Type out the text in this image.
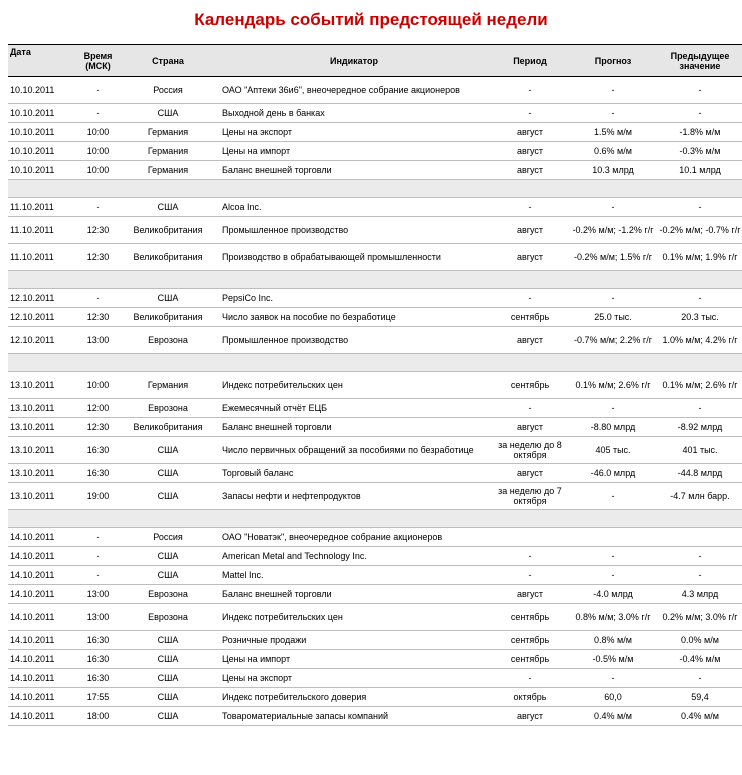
Календарь событий предстоящей недели
Дата	Время (МСК)	Страна	Индикатор	Период	Прогноз	Предыдущее значение
10.10.2011	-	Россия	ОАО "Аптеки 36и6", внеочередное собрание акционеров	-	-	-
10.10.2011	-	США	Выходной день в банках	-	-	-
10.10.2011	10:00	Германия	Цены на экспорт	август	1.5% м/м	-1.8% м/м
10.10.2011	10:00	Германия	Цены на импорт	август	0.6% м/м	-0.3% м/м
10.10.2011	10:00	Германия	Баланс внешней торговли	август	10.3 млрд	10.1 млрд

11.10.2011	-	США	Alcoa Inc.	-	-	-
11.10.2011	12:30	Великобритания	Промышленное производство	август	-0.2% м/м; -1.2% г/г	-0.2% м/м; -0.7% г/г
11.10.2011	12:30	Великобритания	Производство в обрабатывающей промышленности	август	-0.2% м/м; 1.5% г/г	0.1% м/м; 1.9% г/г

12.10.2011	-	США	PepsiCo Inc.	-	-	-
12.10.2011	12:30	Великобритания	Число заявок на пособие по безработице	сентябрь	25.0 тыс.	20.3 тыс.
12.10.2011	13:00	Еврозона	Промышленное производство	август	-0.7% м/м; 2.2% г/г	1.0% м/м; 4.2% г/г

13.10.2011	10:00	Германия	Индекс потребительских цен	сентябрь	0.1% м/м; 2.6% г/г	0.1% м/м; 2.6% г/г
13.10.2011	12:00	Еврозона	Ежемесячный отчёт ЕЦБ	-	-	-
13.10.2011	12:30	Великобритания	Баланс внешней торговли	август	-8.80 млрд	-8.92 млрд
13.10.2011	16:30	США	Число первичных обращений за пособиями по безработице	за неделю до 8 октября	405 тыс.	401 тыс.
13.10.2011	16:30	США	Торговый баланс	август	-46.0 млрд	-44.8 млрд
13.10.2011	19:00	США	Запасы нефти и нефтепродуктов	за неделю до 7 октября	-	-4.7 млн барр.

14.10.2011	-	Россия	ОАО "Новатэк", внеочередное собрание акционеров			
14.10.2011	-	США	American Metal and Technology Inc.	-	-	-
14.10.2011	-	США	Mattel Inc.	-	-	-
14.10.2011	13:00	Еврозона	Баланс внешней торговли	август	-4.0 млрд	4.3 млрд
14.10.2011	13:00	Еврозона	Индекс потребительских цен	сентябрь	0.8% м/м; 3.0% г/г	0.2% м/м; 3.0% г/г
14.10.2011	16:30	США	Розничные продажи	сентябрь	0.8% м/м	0.0% м/м
14.10.2011	16:30	США	Цены на импорт	сентябрь	-0.5% м/м	-0.4% м/м
14.10.2011	16:30	США	Цены на экспорт	-	-	-
14.10.2011	17:55	США	Индекс потребительского доверия	октябрь	60,0	59,4
14.10.2011	18:00	США	Товароматериальные запасы компаний	август	0.4% м/м	0.4% м/м
